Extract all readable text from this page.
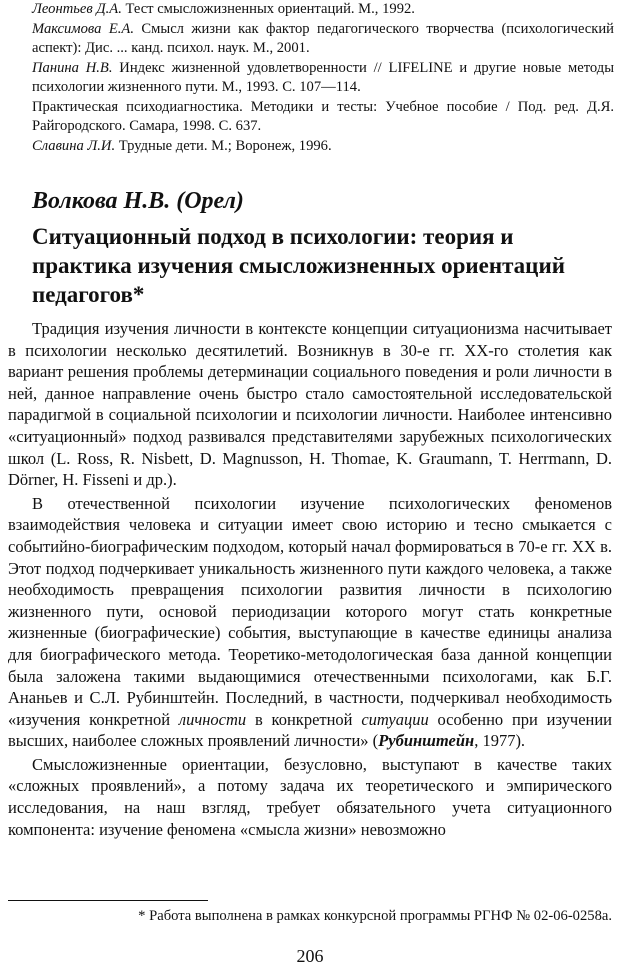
Леонтьев Д.А. Тест смысложизненных ориентаций. М., 1992.

Максимова Е.А. Смысл жизни как фактор педагогического творчества (психологический аспект): Дис. ... канд. психол. наук. М., 2001.

Панина Н.В. Индекс жизненной удовлетворенности // LIFELINE и другие новые методы психологии жизненного пути. М., 1993. С. 107—114.

Практическая психодиагностика. Методики и тесты: Учебное пособие / Под. ред. Д.Я. Райгородского. Самара, 1998. С. 637.

Славина Л.И. Трудные дети. М.; Воронеж, 1996.

Волкова Н.В. (Орел)
Ситуационный подход в психологии: теория и практика изучения смысложизненных ориентаций педагогов*

Традиция изучения личности в контексте концепции ситуационизма насчитывает в психологии несколько десятилетий. Возникнув в 30-е гг. XX-го столетия как вариант решения проблемы детерминации социального поведения и роли личности в ней, данное направление очень быстро стало самостоятельной исследовательской парадигмой в социальной психологии и психологии личности. Наиболее интенсивно «ситуационный» подход развивался представителями зарубежных психологических школ (L. Ross, R. Nisbett, D. Magnusson, H. Thomae, K. Graumann, T. Herrmann, D. Dörner, H. Fisseni и др.).

В отечественной психологии изучение психологических феноменов взаимодействия человека и ситуации имеет свою историю и тесно смыкается с событийно-биографическим подходом, который начал формироваться в 70-е гг. XX в. Этот подход подчеркивает уникальность жизненного пути каждого человека, а также необходимость превращения психологии развития личности в психологию жизненного пути, основой периодизации которого могут стать конкретные жизненные (биографические) события, выступающие в качестве единицы анализа для биографического метода. Теоретико-методологическая база данной концепции была заложена такими выдающимися отечественными психологами, как Б.Г. Ананьев и С.Л. Рубинштейн. Последний, в частности, подчеркивал необходимость «изучения конкретной личности в конкретной ситуации особенно при изучении высших, наиболее сложных проявлений личности» (Рубинштейн, 1977).

Смысложизненные ориентации, безусловно, выступают в качестве таких «сложных проявлений», а потому задача их теоретического и эмпирического исследования, на наш взгляд, требует обязательного учета ситуационного компонента: изучение феномена «смысла жизни» невозможно

* Работа выполнена в рамках конкурсной программы РГНФ № 02-06-0258а.
206
